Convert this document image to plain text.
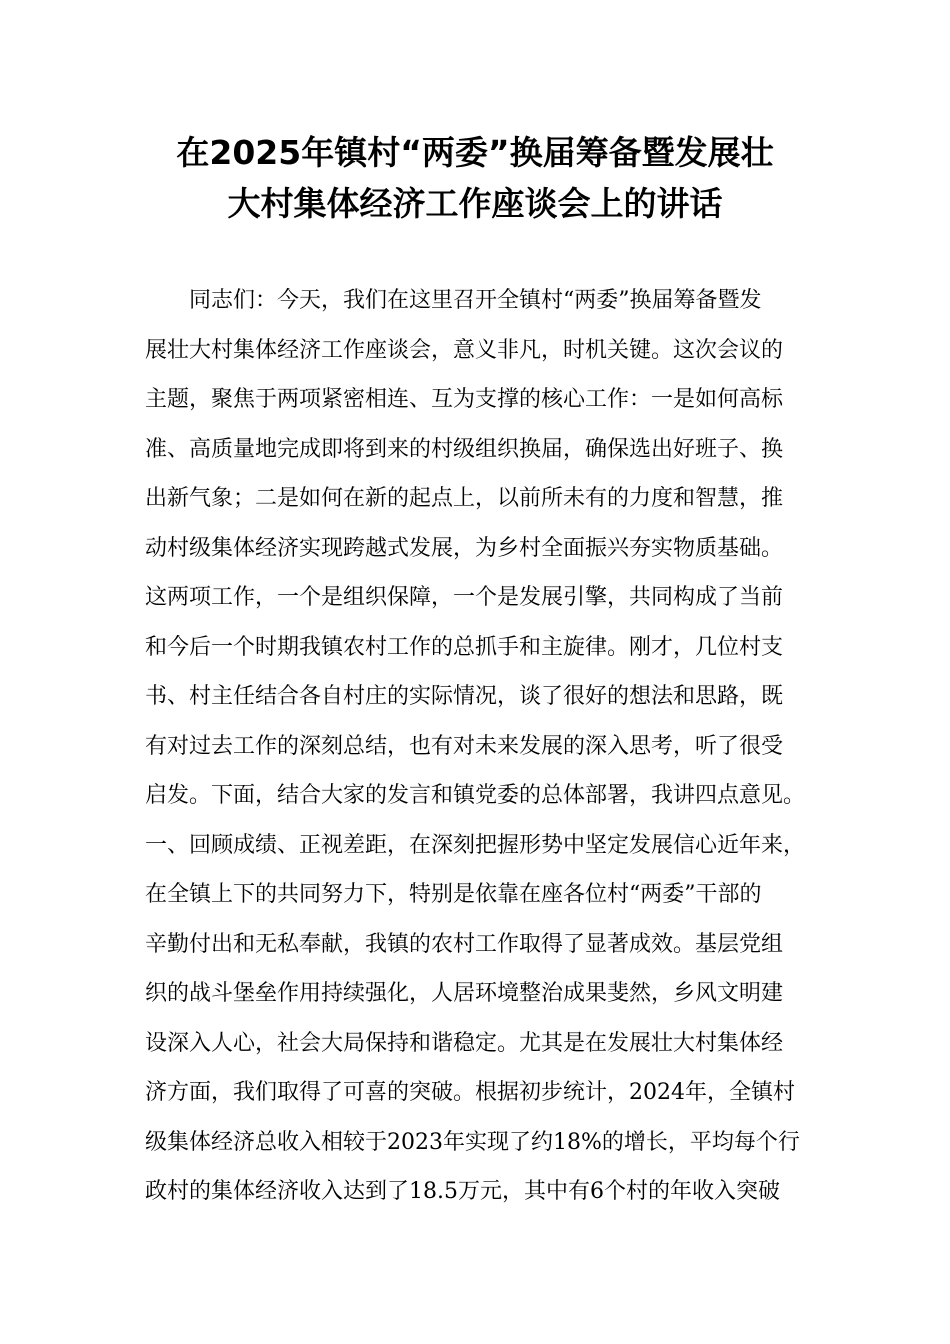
在2025年镇村“两委”换届筹备暨发展壮
大村集体经济工作座谈会上的讲话
　　同志们：今天，我们在这里召开全镇村“两委”换届筹备暨发
展壮大村集体经济工作座谈会，意义非凡，时机关键。这次会议的
主题，聚焦于两项紧密相连、互为支撑的核心工作：一是如何高标
准、高质量地完成即将到来的村级组织换届，确保选出好班子、换
出新气象；二是如何在新的起点上，以前所未有的力度和智慧，推
动村级集体经济实现跨越式发展，为乡村全面振兴夯实物质基础。
这两项工作，一个是组织保障，一个是发展引擎，共同构成了当前
和今后一个时期我镇农村工作的总抓手和主旋律。刚才，几位村支
书、村主任结合各自村庄的实际情况，谈了很好的想法和思路，既
有对过去工作的深刻总结，也有对未来发展的深入思考，听了很受
启发。下面，结合大家的发言和镇党委的总体部署，我讲四点意见。
一、回顾成绩、正视差距，在深刻把握形势中坚定发展信心近年来，
在全镇上下的共同努力下，特别是依靠在座各位村“两委”干部的
辛勤付出和无私奉献，我镇的农村工作取得了显著成效。基层党组
织的战斗堡垒作用持续强化，人居环境整治成果斐然，乡风文明建
设深入人心，社会大局保持和谐稳定。尤其是在发展壮大村集体经
济方面，我们取得了可喜的突破。根据初步统计，2024年，全镇村
级集体经济总收入相较于2023年实现了约18%的增长，平均每个行
政村的集体经济收入达到了18.5万元，其中有6个村的年收入突破
